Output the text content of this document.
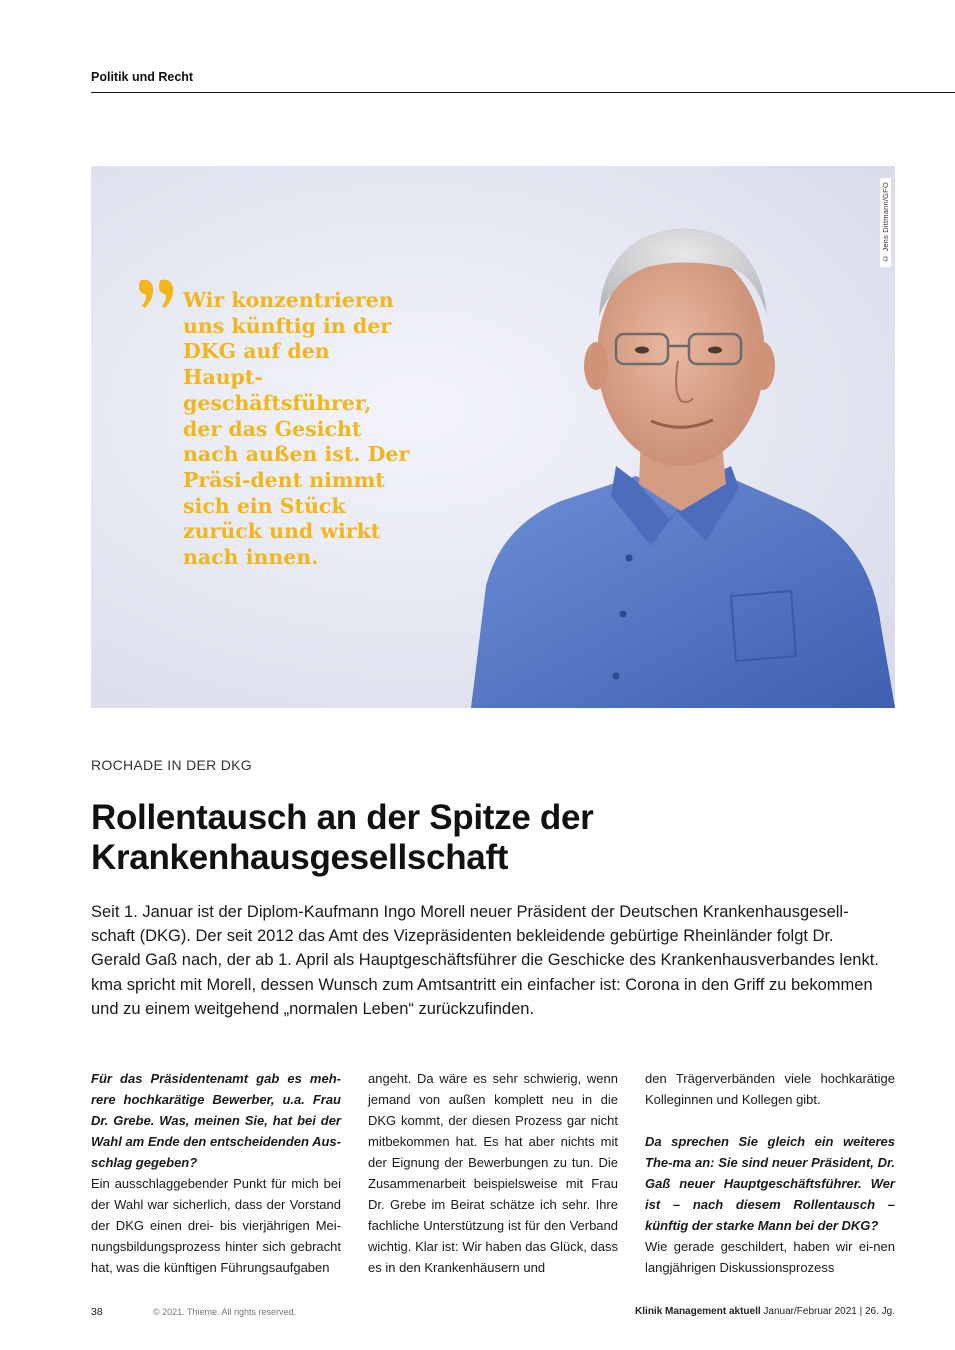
Politik und Recht
© Jens Dittmann/GFO
Wir konzentrieren uns künftig in der DKG auf den Haupt-geschäftsführer, der das Gesicht nach außen ist. Der Präsi-dent nimmt sich ein Stück zurück und wirkt nach innen.
ROCHADE IN DER DKG
Rollentausch an der Spitze der Krankenhausgesellschaft

Seit 1. Januar ist der Diplom-Kaufmann Ingo Morell neuer Präsident der Deutschen Krankenhausgesell-schaft (DKG). Der seit 2012 das Amt des Vizepräsidenten bekleidende gebürtige Rheinländer folgt Dr. Gerald Gaß nach, der ab 1. April als Hauptgeschäftsführer die Geschicke des Krankenhausverbandes lenkt. kma spricht mit Morell, dessen Wunsch zum Amtsantritt ein einfacher ist: Corona in den Griff zu bekommen und zu einem weitgehend „normalen Leben“ zurückzufinden.

Für das Präsidentenamt gab es meh-rere hochkarätige Bewerber, u.a. Frau Dr. Grebe. Was, meinen Sie, hat bei der Wahl am Ende den entscheidenden Aus-schlag gegeben?

Ein ausschlaggebender Punkt für mich bei der Wahl war sicherlich, dass der Vorstand der DKG einen drei- bis vierjährigen Mei-nungsbildungsprozess hinter sich gebracht hat, was die künftigen Führungsaufgaben

angeht. Da wäre es sehr schwierig, wenn jemand von außen komplett neu in die DKG kommt, der diesen Prozess gar nicht mitbekommen hat. Es hat aber nichts mit der Eignung der Bewerbungen zu tun. Die Zusammenarbeit beispielsweise mit Frau Dr. Grebe im Beirat schätze ich sehr. Ihre fachliche Unterstützung ist für den Verband wichtig. Klar ist: Wir haben das Glück, dass es in den Krankenhäusern und

den Trägerverbänden viele hochkarätige Kolleginnen und Kollegen gibt.

Da sprechen Sie gleich ein weiteres The-ma an: Sie sind neuer Präsident, Dr. Gaß neuer Hauptgeschäftsführer. Wer ist – nach diesem Rollentausch – künftig der starke Mann bei der DKG?

Wie gerade geschildert, haben wir ei-nen langjährigen Diskussionsprozess

38	© 2021. Thieme. All rights reserved.	Klinik Management aktuell Januar/Februar 2021 | 26. Jg.
